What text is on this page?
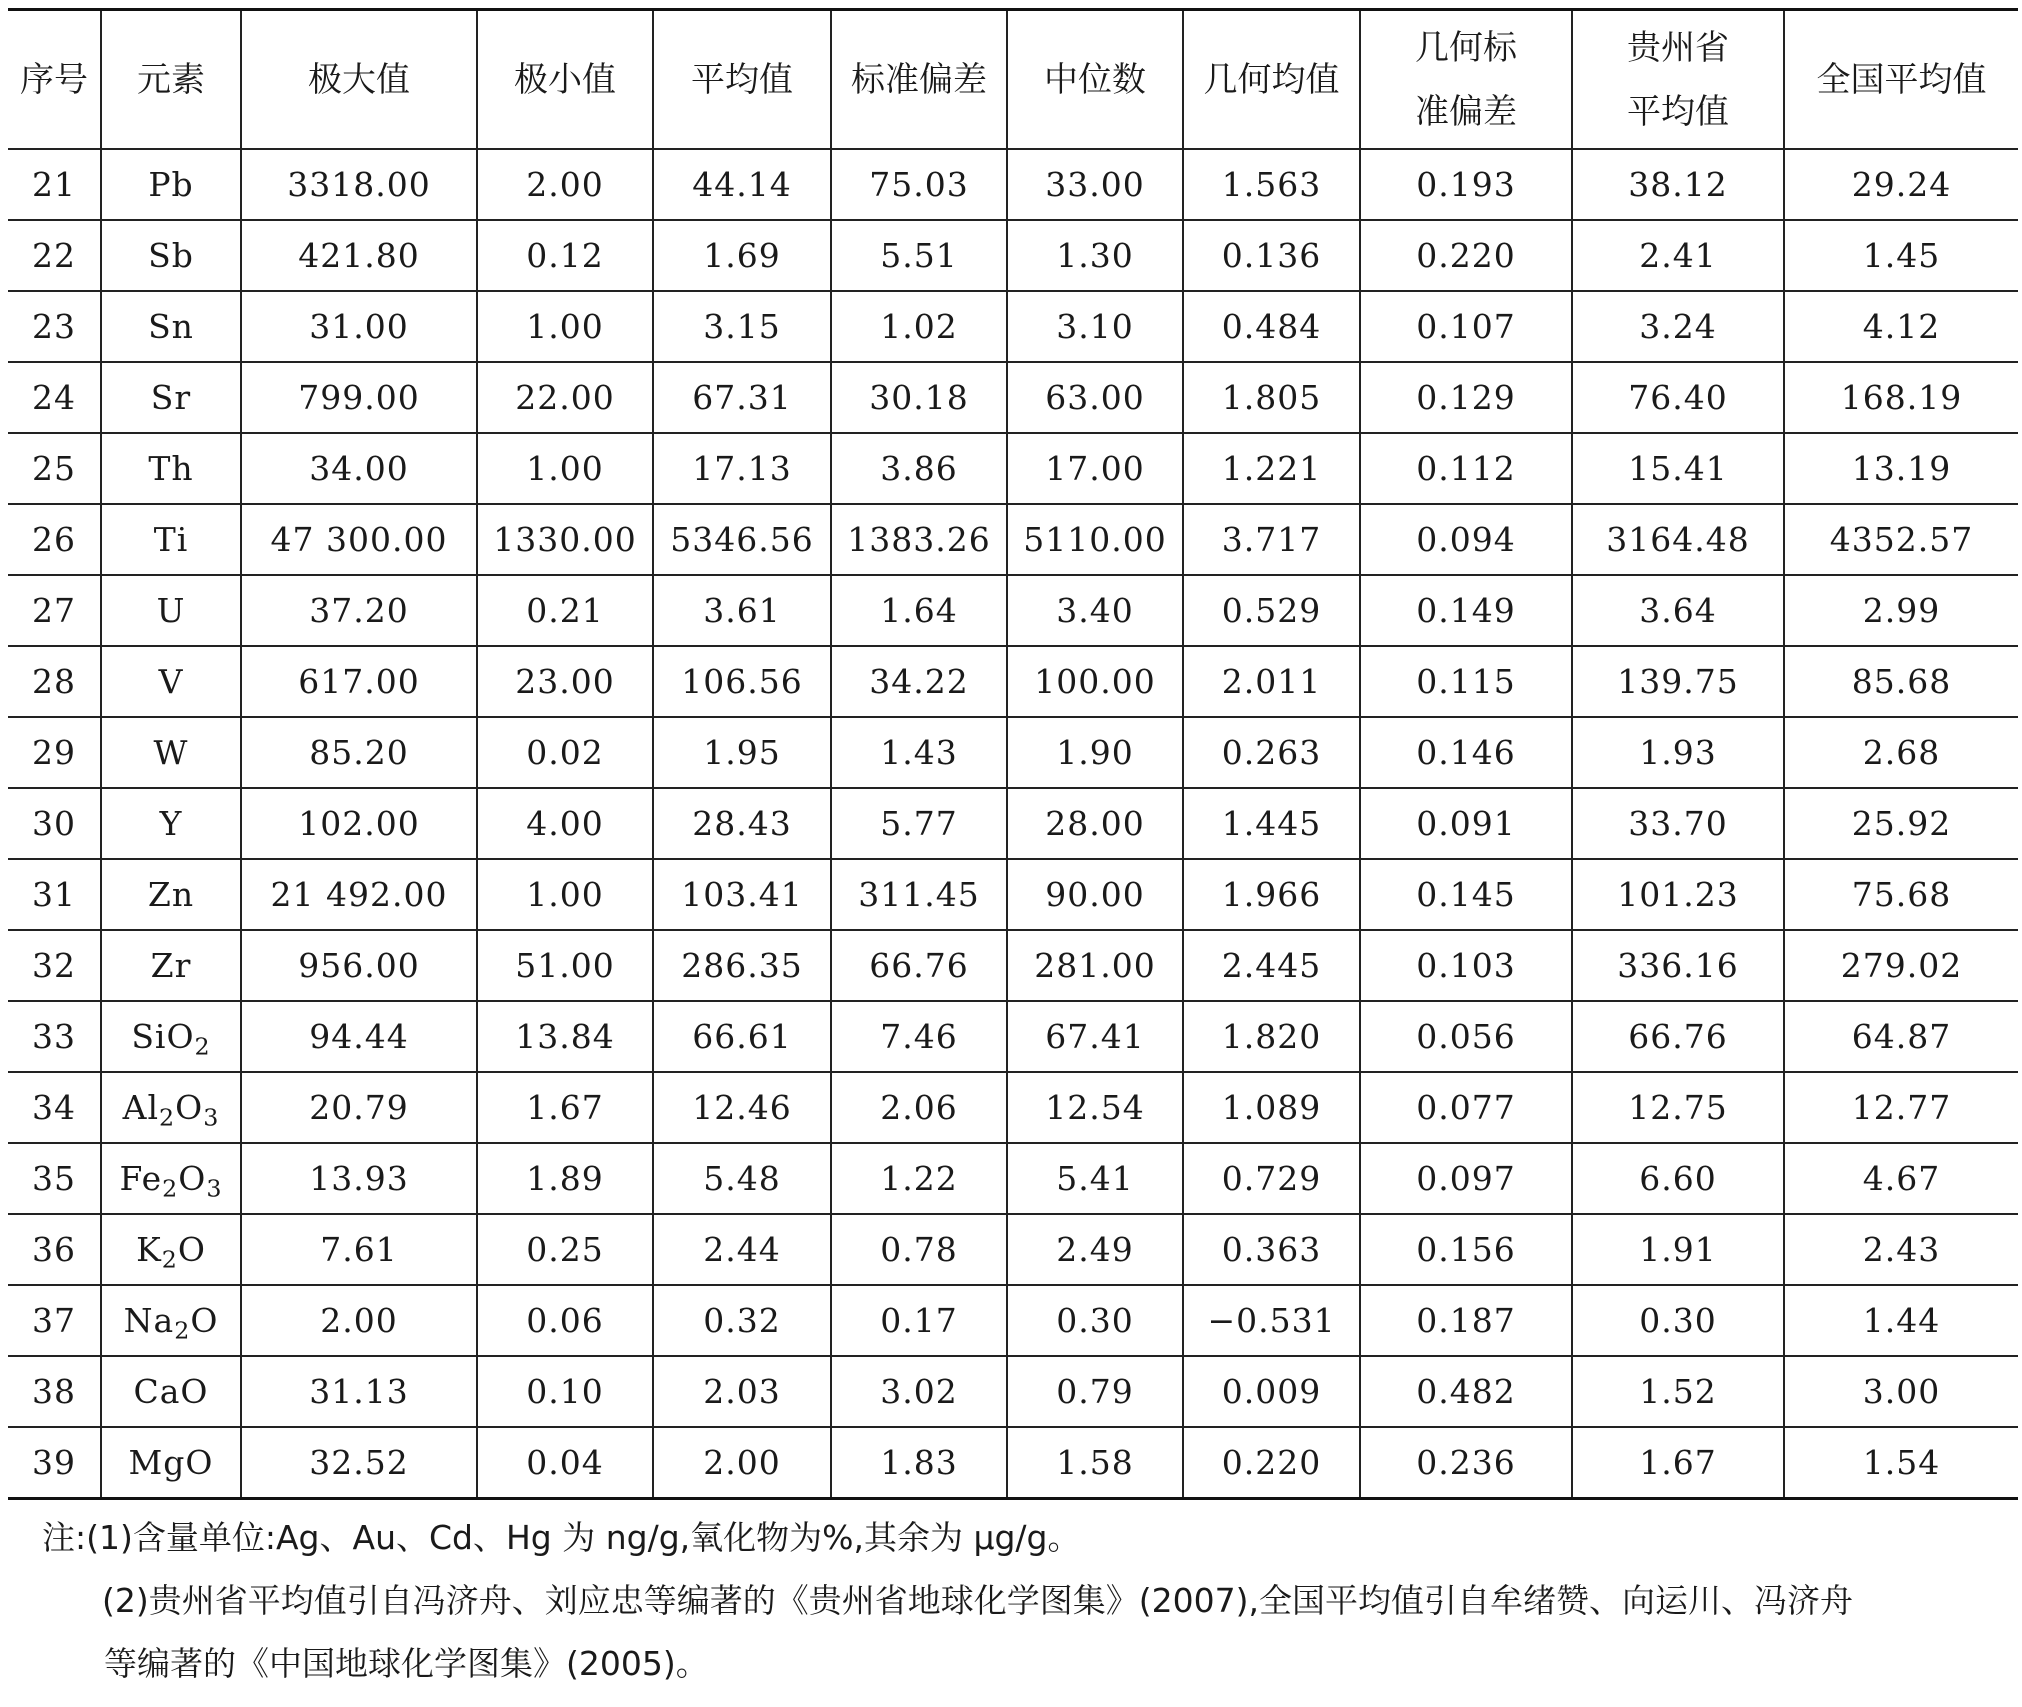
序号	元素	极大值	极小值	平均值	标准偏差	中位数	几何均值	几何标
准偏差	贵州省
平均值	全国平均值
21	Pb	3318.00	2.00	44.14	75.03	33.00	1.563	0.193	38.12	29.24
22	Sb	421.80	0.12	1.69	5.51	1.30	0.136	0.220	2.41	1.45
23	Sn	31.00	1.00	3.15	1.02	3.10	0.484	0.107	3.24	4.12
24	Sr	799.00	22.00	67.31	30.18	63.00	1.805	0.129	76.40	168.19
25	Th	34.00	1.00	17.13	3.86	17.00	1.221	0.112	15.41	13.19
26	Ti	47 300.00	1330.00	5346.56	1383.26	5110.00	3.717	0.094	3164.48	4352.57
27	U	37.20	0.21	3.61	1.64	3.40	0.529	0.149	3.64	2.99
28	V	617.00	23.00	106.56	34.22	100.00	2.011	0.115	139.75	85.68
29	W	85.20	0.02	1.95	1.43	1.90	0.263	0.146	1.93	2.68
30	Y	102.00	4.00	28.43	5.77	28.00	1.445	0.091	33.70	25.92
31	Zn	21 492.00	1.00	103.41	311.45	90.00	1.966	0.145	101.23	75.68
32	Zr	956.00	51.00	286.35	66.76	281.00	2.445	0.103	336.16	279.02
33	SiO$_2$	94.44	13.84	66.61	7.46	67.41	1.820	0.056	66.76	64.87
34	$Al_2O_3$	20.79	1.67	12.46	2.06	12.54	1.089	0.077	12.75	12.77
35	$Fe_2O_3$	13.93	1.89	5.48	1.22	5.41	0.729	0.097	6.60	4.67
36	$K_2O$	7.61	0.25	2.44	0.78	2.49	0.363	0.156	1.91	2.43
37	$Na_2O$	2.00	0.06	0.32	0.17	0.30	−0.531	0.187	0.30	1.44
38	CaO	31.13	0.10	2.03	3.02	0.79	0.009	0.482	1.52	3.00
39	MgO	32.52	0.04	2.00	1.83	1.58	0.220	0.236	1.67	1.54

注:(1)含量单位:Ag、Au、Cd、Hg 为 ng/g,氧化物为%,其余为 μg/g。

(2)贵州省平均值引自冯济舟、刘应忠等编著的《贵州省地球化学图集》(2007),全国平均值引自牟绪赞、向运川、冯济舟

等编著的《中国地球化学图集》(2005)。
